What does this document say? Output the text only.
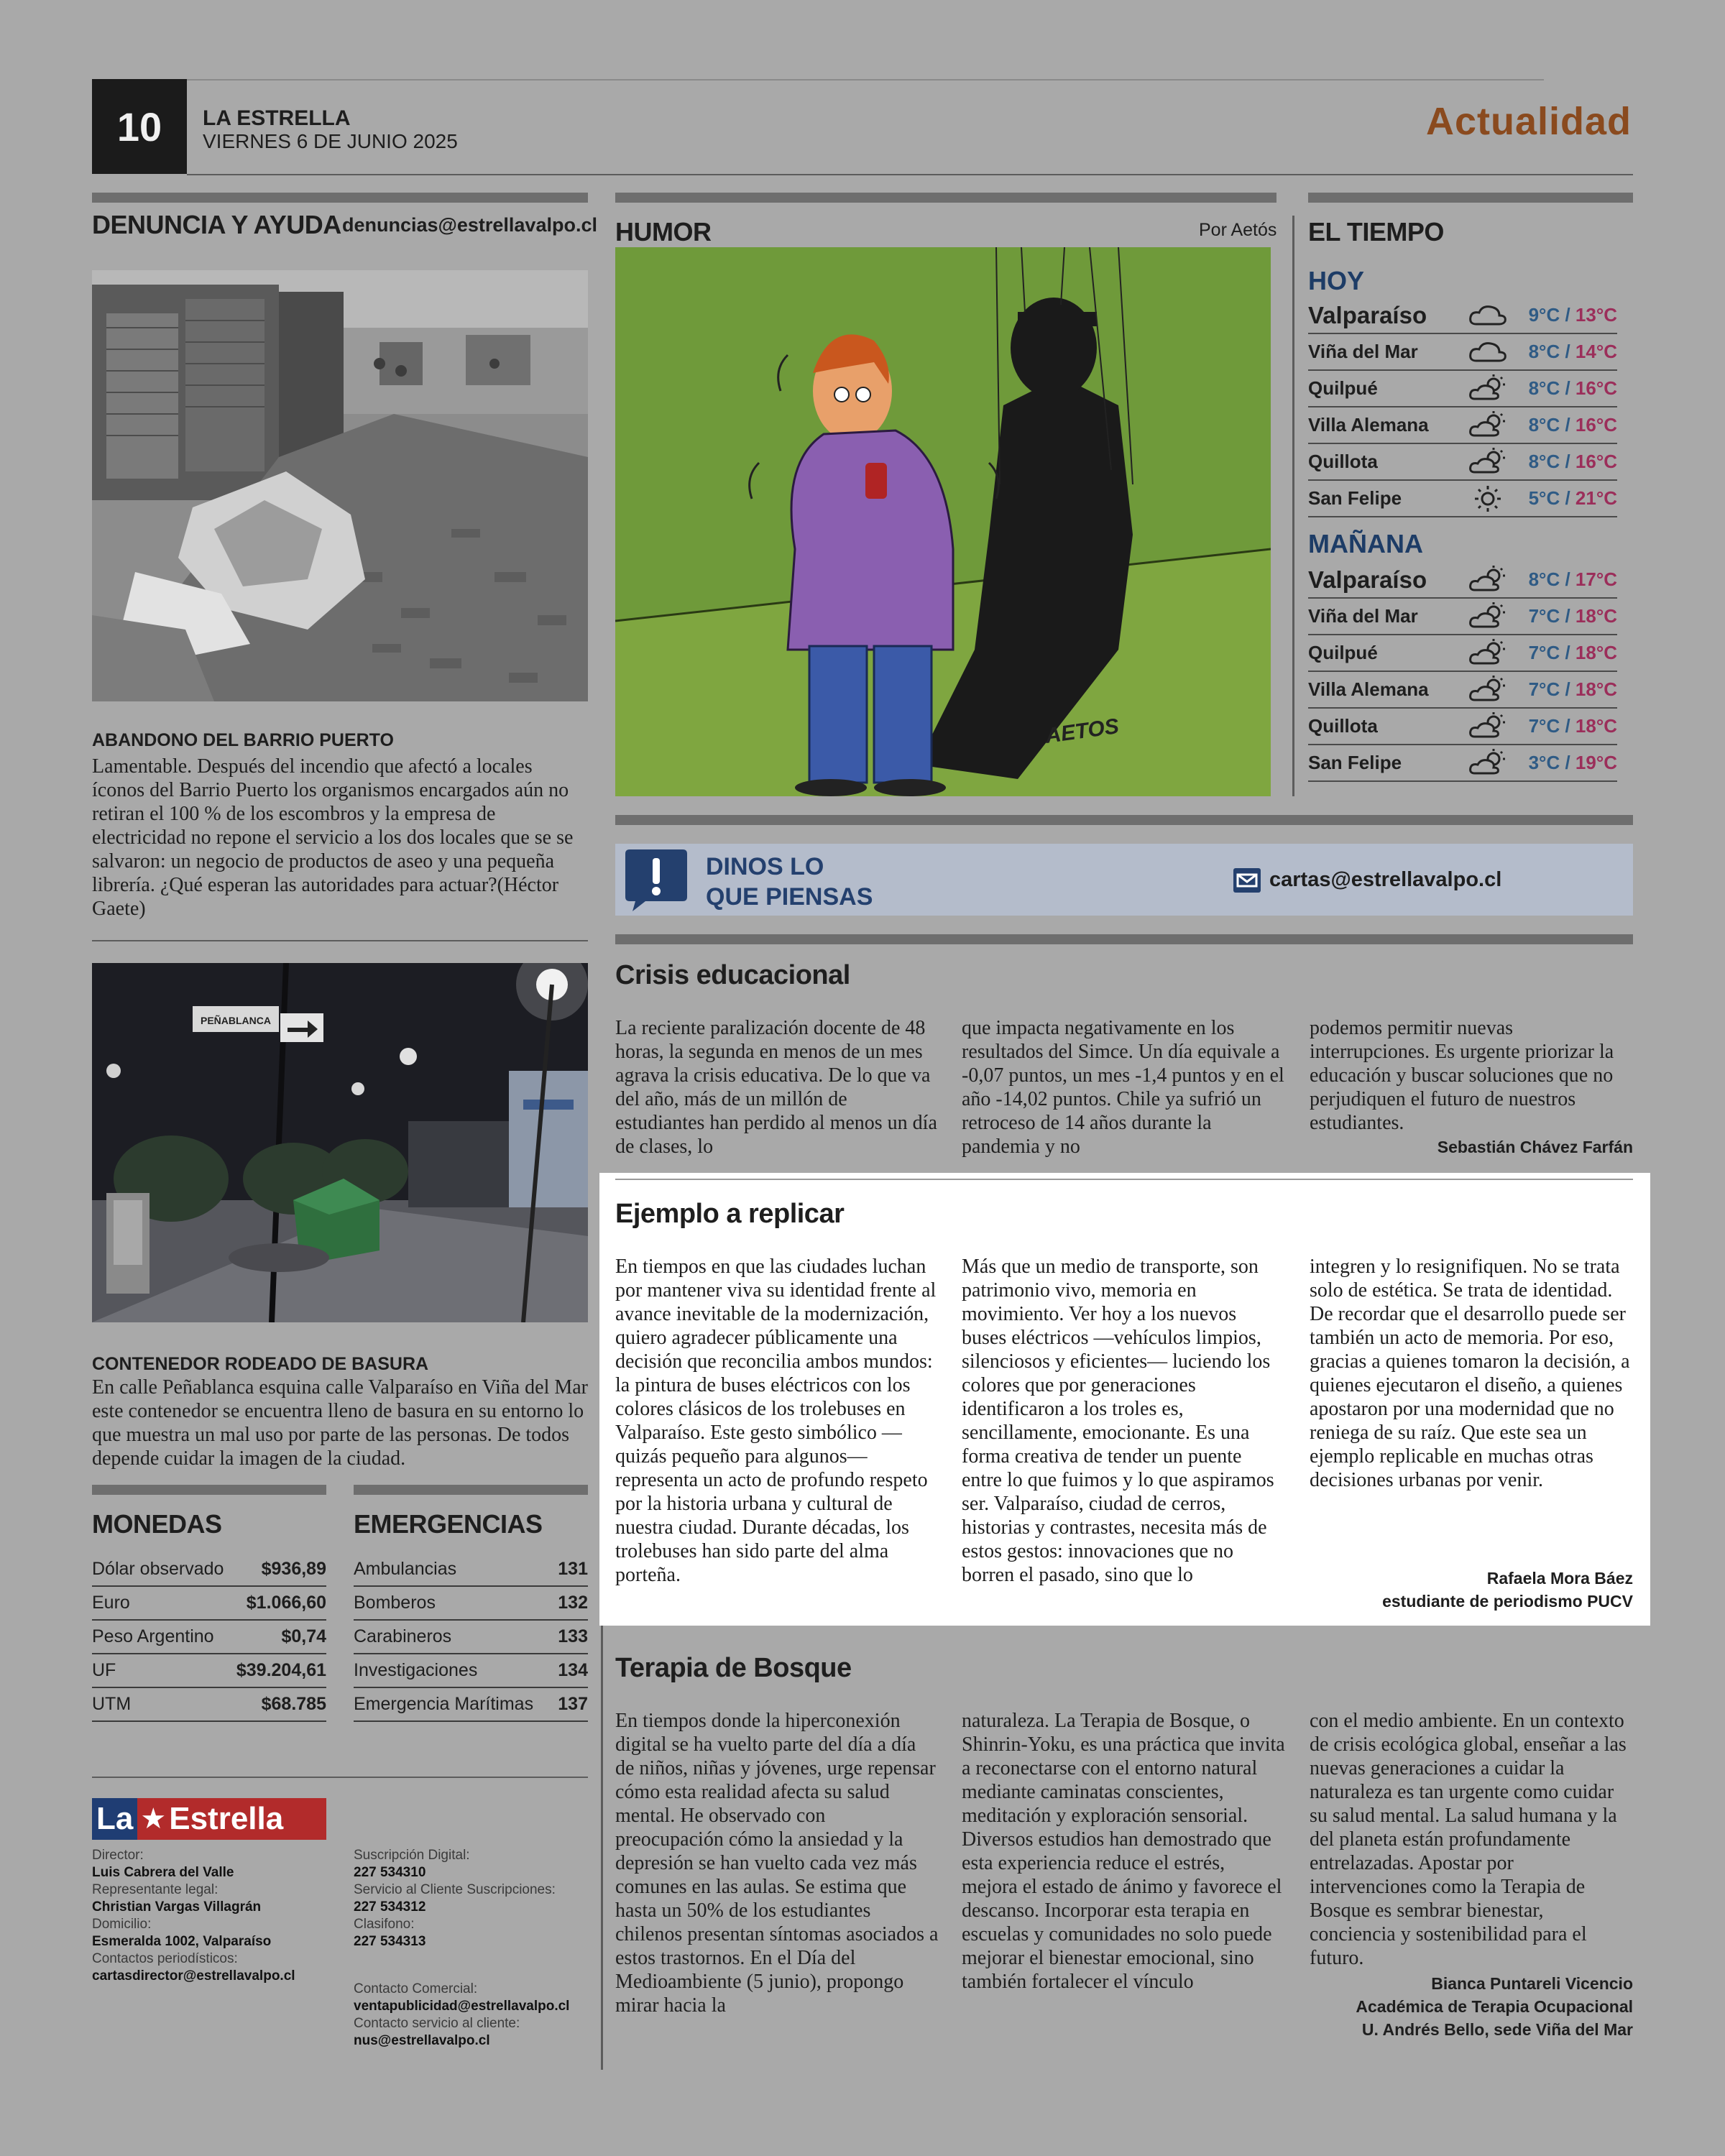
10	LA ESTRELLA
VIERNES 6 DE JUNIO 2025	Actualidad
DENUNCIA Y AYUDA denuncias@estrellavalpo.cl
ABANDONO DEL BARRIO PUERTO
Lamentable. Después del incendio que afectó a locales íconos del Barrio Puerto los organismos encargados aún no retiran el 100 % de los escombros y la empresa de electricidad no repone el servicio a los dos locales que se se salvaron: un negocio de productos de aseo y una pequeña librería. ¿Qué esperan las autoridades para actuar?(Héctor Gaete)
PEÑABLANCA
CONTENEDOR RODEADO DE BASURA
En calle Peñablanca esquina calle Valparaíso en Viña del Mar este contenedor se encuentra lleno de basura en su entorno lo que muestra un mal uso por parte de las personas. De todos depende cuidar la imagen de la ciudad.
MONEDAS
Dólar observado	$936,89
Euro	$1.066,60
Peso Argentino	$0,74
UF	$39.204,61
UTM	$68.785
EMERGENCIAS
Ambulancias	131
Bomberos	132
Carabineros	133
Investigaciones	134
Emergencia Marítimas	137
La ★ Estrella
Director:
Luis Cabrera del Valle
Representante legal:
Christian Vargas Villagrán
Domicilio:
Esmeralda 1002, Valparaíso
Contactos periodísticos:
cartasdirector@estrellavalpo.cl
Suscripción Digital:
227 534310
Servicio al Cliente Suscripciones:
227 534312
Clasifono:
227 534313
Contacto Comercial:
ventapublicidad@estrellavalpo.cl
Contacto servicio al cliente:
nus@estrellavalpo.cl
HUMOR	Por Aetós
AETOS
EL TIEMPO
HOY
MAÑANA
Valparaíso	9°C / 13°C
Viña del Mar	8°C / 14°C
Quilpué	8°C / 16°C
Villa Alemana	8°C / 16°C
Quillota	8°C / 16°C
San Felipe	5°C / 21°C
Valparaíso	8°C / 17°C
Viña del Mar	7°C / 18°C
Quilpué	7°C / 18°C
Villa Alemana	7°C / 18°C
Quillota	7°C / 18°C
San Felipe	3°C / 19°C
DINOS LO
QUE PIENSAS
cartas@estrellavalpo.cl
Crisis educacional
La reciente paralización docente de 48 horas, la segunda en menos de un mes agrava la crisis educativa. De lo que va del año, más de un millón de estudiantes han perdido al menos un día de clases, lo
que impacta negativamente en los resultados del Simce. Un día equivale a -0,07 puntos, un mes -1,4 puntos y en el año -14,02 puntos. Chile ya sufrió un retroceso de 14 años durante la pandemia y no
podemos permitir nuevas interrupciones. Es urgente priorizar la educación y buscar soluciones que no perjudiquen el futuro de nuestros estudiantes.
Sebastián Chávez Farfán
Ejemplo a replicar
En tiempos en que las ciudades luchan por mantener viva su identidad frente al avance inevitable de la modernización, quiero agradecer públicamente una decisión que reconcilia ambos mundos: la pintura de buses eléctricos con los colores clásicos de los trolebuses en Valparaíso. Este gesto simbólico —quizás pequeño para algunos— representa un acto de profundo respeto por la historia urbana y cultural de nuestra ciudad. Durante décadas, los trolebuses han sido parte del alma porteña.
Más que un medio de transporte, son patrimonio vivo, memoria en movimiento. Ver hoy a los nuevos buses eléctricos —vehículos limpios, silenciosos y eficientes— luciendo los colores que por generaciones identificaron a los troles es, sencillamente, emocionante. Es una forma creativa de tender un puente entre lo que fuimos y lo que aspiramos ser. Valparaíso, ciudad de cerros, historias y contrastes, necesita más de estos gestos: innovaciones que no borren el pasado, sino que lo
integren y lo resignifiquen. No se trata solo de estética. Se trata de identidad. De recordar que el desarrollo puede ser también un acto de memoria. Por eso, gracias a quienes tomaron la decisión, a quienes ejecutaron el diseño, a quienes apostaron por una modernidad que no reniega de su raíz. Que este sea un ejemplo replicable en muchas otras decisiones urbanas por venir.
Rafaela Mora Báez
estudiante de periodismo PUCV
Terapia de Bosque
En tiempos donde la hiperconexión digital se ha vuelto parte del día a día de niños, niñas y jóvenes, urge repensar cómo esta realidad afecta su salud mental. He observado con preocupación cómo la ansiedad y la depresión se han vuelto cada vez más comunes en las aulas. Se estima que hasta un 50% de los estudiantes chilenos presentan síntomas asociados a estos trastornos. En el Día del Medioambiente (5 junio), propongo mirar hacia la
naturaleza. La Terapia de Bosque, o Shinrin-Yoku, es una práctica que invita a reconectarse con el entorno natural mediante caminatas conscientes, meditación y exploración sensorial. Diversos estudios han demostrado que esta experiencia reduce el estrés, mejora el estado de ánimo y favorece el descanso. Incorporar esta terapia en escuelas y comunidades no solo puede mejorar el bienestar emocional, sino también fortalecer el vínculo
con el medio ambiente. En un contexto de crisis ecológica global, enseñar a las nuevas generaciones a cuidar la naturaleza es tan urgente como cuidar su salud mental. La salud humana y la del planeta están profundamente entrelazadas. Apostar por intervenciones como la Terapia de Bosque es sembrar bienestar, conciencia y sostenibilidad para el futuro.
Bianca Puntareli Vicencio
Académica de Terapia Ocupacional
U. Andrés Bello, sede Viña del Mar
